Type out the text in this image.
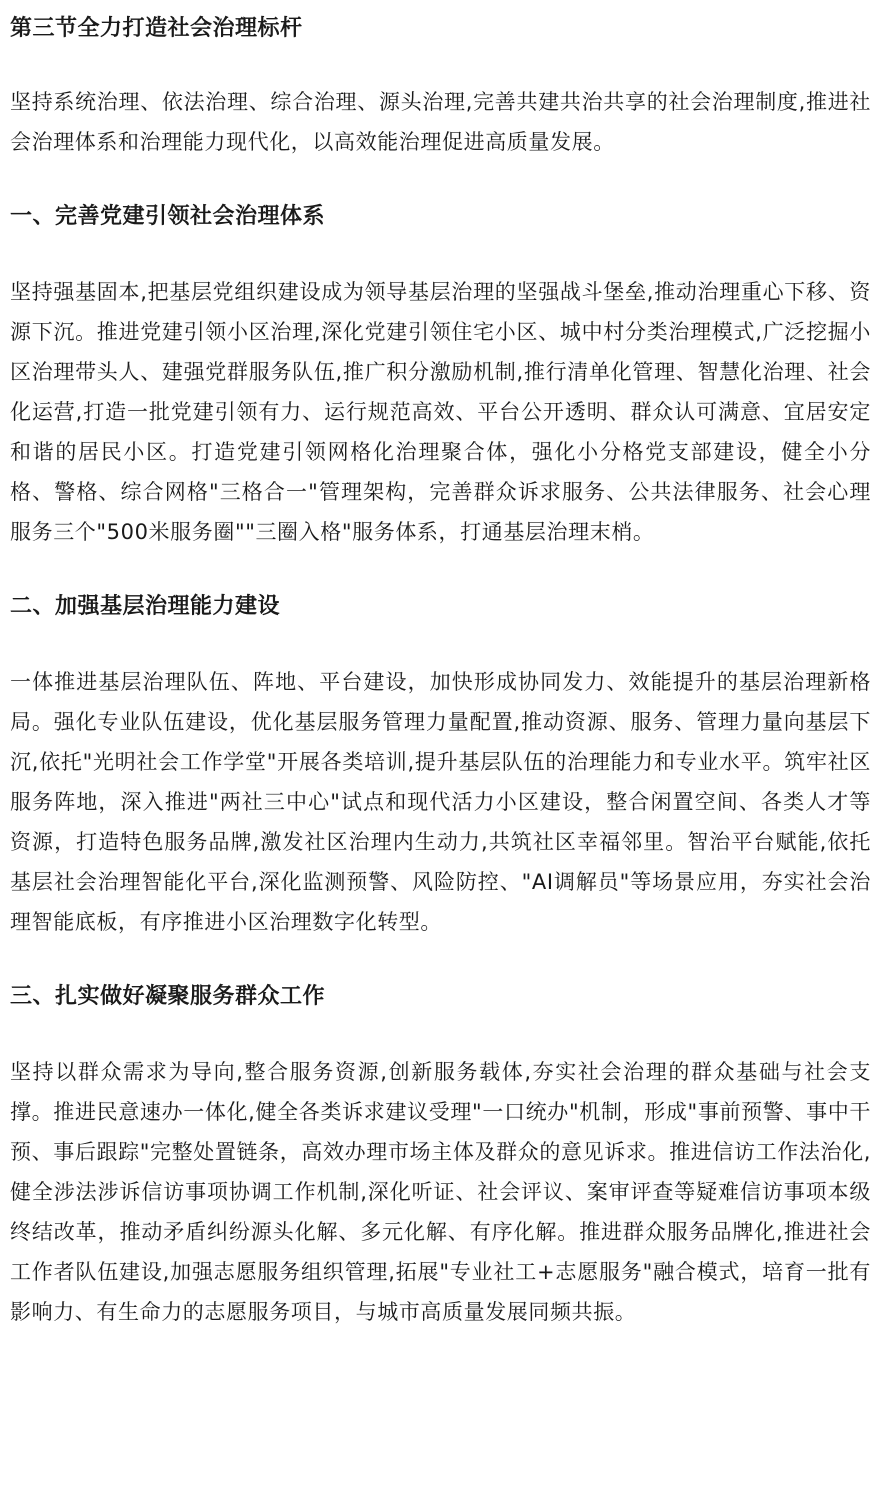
第三节全力打造社会治理标杆

坚持系统治理、依法治理、综合治理、源头治理,完善共建共治共享的社会治理制度,推进社会治理体系和治理能力现代化，以高效能治理促进高质量发展。

一、完善党建引领社会治理体系

坚持强基固本,把基层党组织建设成为领导基层治理的坚强战斗堡垒,推动治理重心下移、资源下沉。推进党建引领小区治理,深化党建引领住宅小区、城中村分类治理模式,广泛挖掘小区治理带头人、建强党群服务队伍,推广积分激励机制,推行清单化管理、智慧化治理、社会化运营,打造一批党建引领有力、运行规范高效、平台公开透明、群众认可满意、宜居安定和谐的居民小区。打造党建引领网格化治理聚合体，强化小分格党支部建设，健全小分格、警格、综合网格"三格合一"管理架构，完善群众诉求服务、公共法律服务、社会心理服务三个"500米服务圈""三圈入格"服务体系，打通基层治理末梢。

二、加强基层治理能力建设

一体推进基层治理队伍、阵地、平台建设，加快形成协同发力、效能提升的基层治理新格局。强化专业队伍建设，优化基层服务管理力量配置,推动资源、服务、管理力量向基层下沉,依托"光明社会工作学堂"开展各类培训,提升基层队伍的治理能力和专业水平。筑牢社区服务阵地，深入推进"两社三中心"试点和现代活力小区建设，整合闲置空间、各类人才等资源，打造特色服务品牌,激发社区治理内生动力,共筑社区幸福邻里。智治平台赋能,依托基层社会治理智能化平台,深化监测预警、风险防控、"AI调解员"等场景应用，夯实社会治理智能底板，有序推进小区治理数字化转型。

三、扎实做好凝聚服务群众工作

坚持以群众需求为导向,整合服务资源,创新服务载体,夯实社会治理的群众基础与社会支撑。推进民意速办一体化,健全各类诉求建议受理"一口统办"机制，形成"事前预警、事中干预、事后跟踪"完整处置链条，高效办理市场主体及群众的意见诉求。推进信访工作法治化,健全涉法涉诉信访事项协调工作机制,深化听证、社会评议、案审评查等疑难信访事项本级终结改革，推动矛盾纠纷源头化解、多元化解、有序化解。推进群众服务品牌化,推进社会工作者队伍建设,加强志愿服务组织管理,拓展"专业社工+志愿服务"融合模式，培育一批有影响力、有生命力的志愿服务项目，与城市高质量发展同频共振。
